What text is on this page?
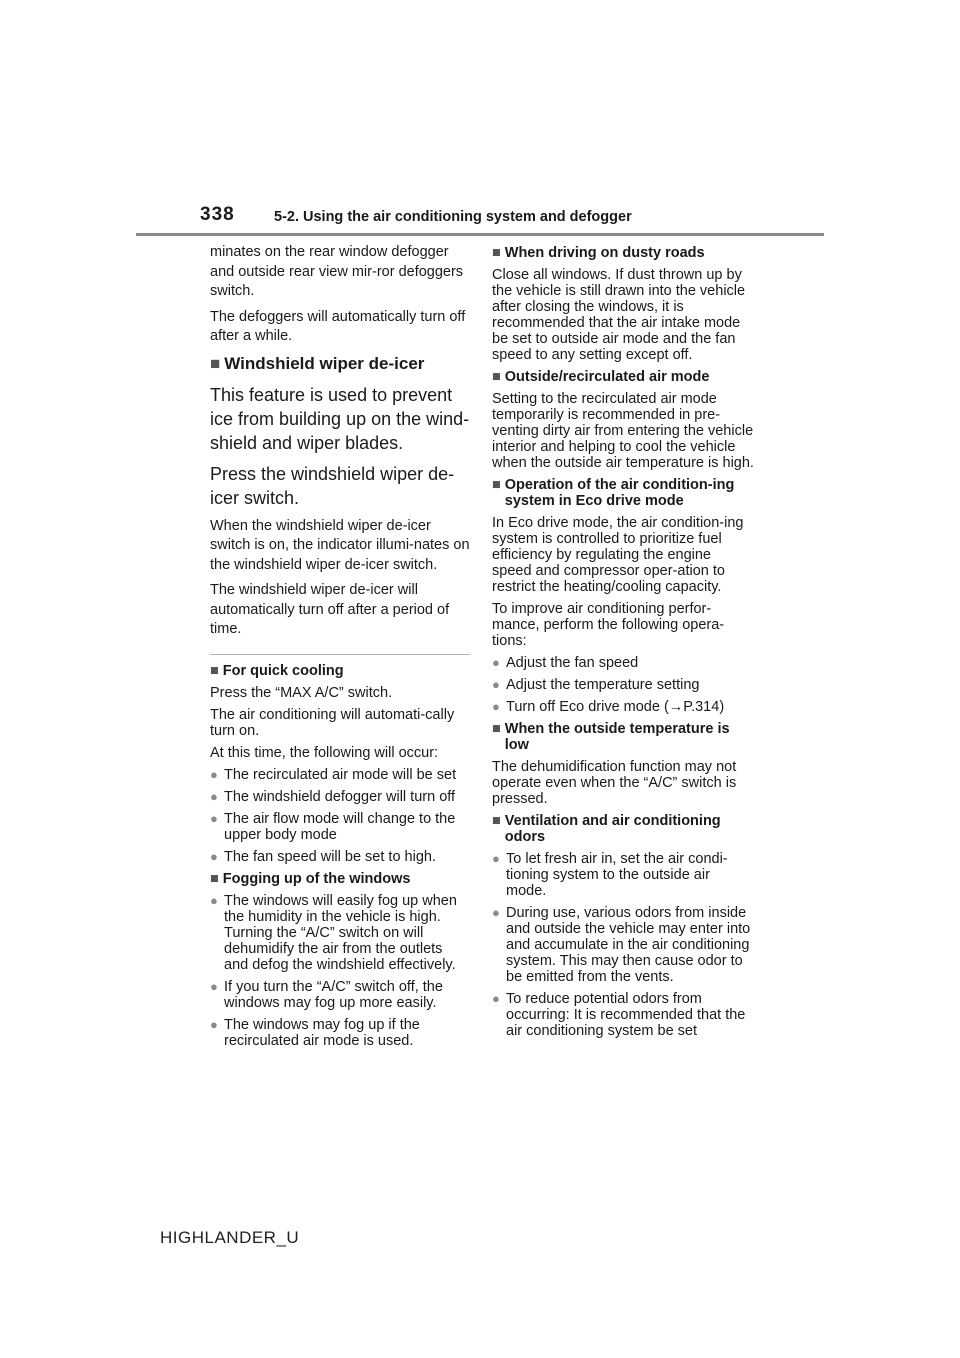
338	5-2. Using the air conditioning system and defogger

minates on the rear window defogger and outside rear view mir-ror defoggers switch.

The defoggers will automatically turn off after a while.

■ Windshield wiper de-icer

This feature is used to prevent ice from building up on the wind-shield and wiper blades.

Press the windshield wiper de-icer switch.

When the windshield wiper de-icer switch is on, the indicator illumi-nates on the windshield wiper de-icer switch.

The windshield wiper de-icer will automatically turn off after a period of time.

■ For quick cooling

Press the “MAX A/C” switch.

The air conditioning will automati-cally turn on.

At this time, the following will occur:

● The recirculated air mode will be set
● The windshield defogger will turn off
● The air flow mode will change to the upper body mode
● The fan speed will be set to high.
■ Fogging up of the windows
● The windows will easily fog up when the humidity in the vehicle is high. Turning the “A/C” switch on will dehumidify the air from the outlets and defog the windshield effectively.
● If you turn the “A/C” switch off, the windows may fog up more easily.
● The windows may fog up if the recirculated air mode is used.
■ When driving on dusty roads

Close all windows. If dust thrown up by the vehicle is still drawn into the vehicle after closing the windows, it is recommended that the air intake mode be set to outside air mode and the fan speed to any setting except off.

■ Outside/recirculated air mode

Setting to the recirculated air mode temporarily is recommended in pre-venting dirty air from entering the vehicle interior and helping to cool the vehicle when the outside air temperature is high.

■ Operation of the air condition-ing system in Eco drive mode

In Eco drive mode, the air condition-ing system is controlled to prioritize fuel efficiency by regulating the engine speed and compressor oper-ation to restrict the heating/cooling capacity.

To improve air conditioning perfor-mance, perform the following opera-tions:

● Adjust the fan speed
● Adjust the temperature setting
● Turn off Eco drive mode (→P.314)
■ When the outside temperature is low

The dehumidification function may not operate even when the “A/C” switch is pressed.

■ Ventilation and air conditioning odors
● To let fresh air in, set the air condi-tioning system to the outside air mode.
● During use, various odors from inside and outside the vehicle may enter into and accumulate in the air conditioning system. This may then cause odor to be emitted from the vents.
● To reduce potential odors from occurring: It is recommended that the air conditioning system be set
HIGHLANDER_U
